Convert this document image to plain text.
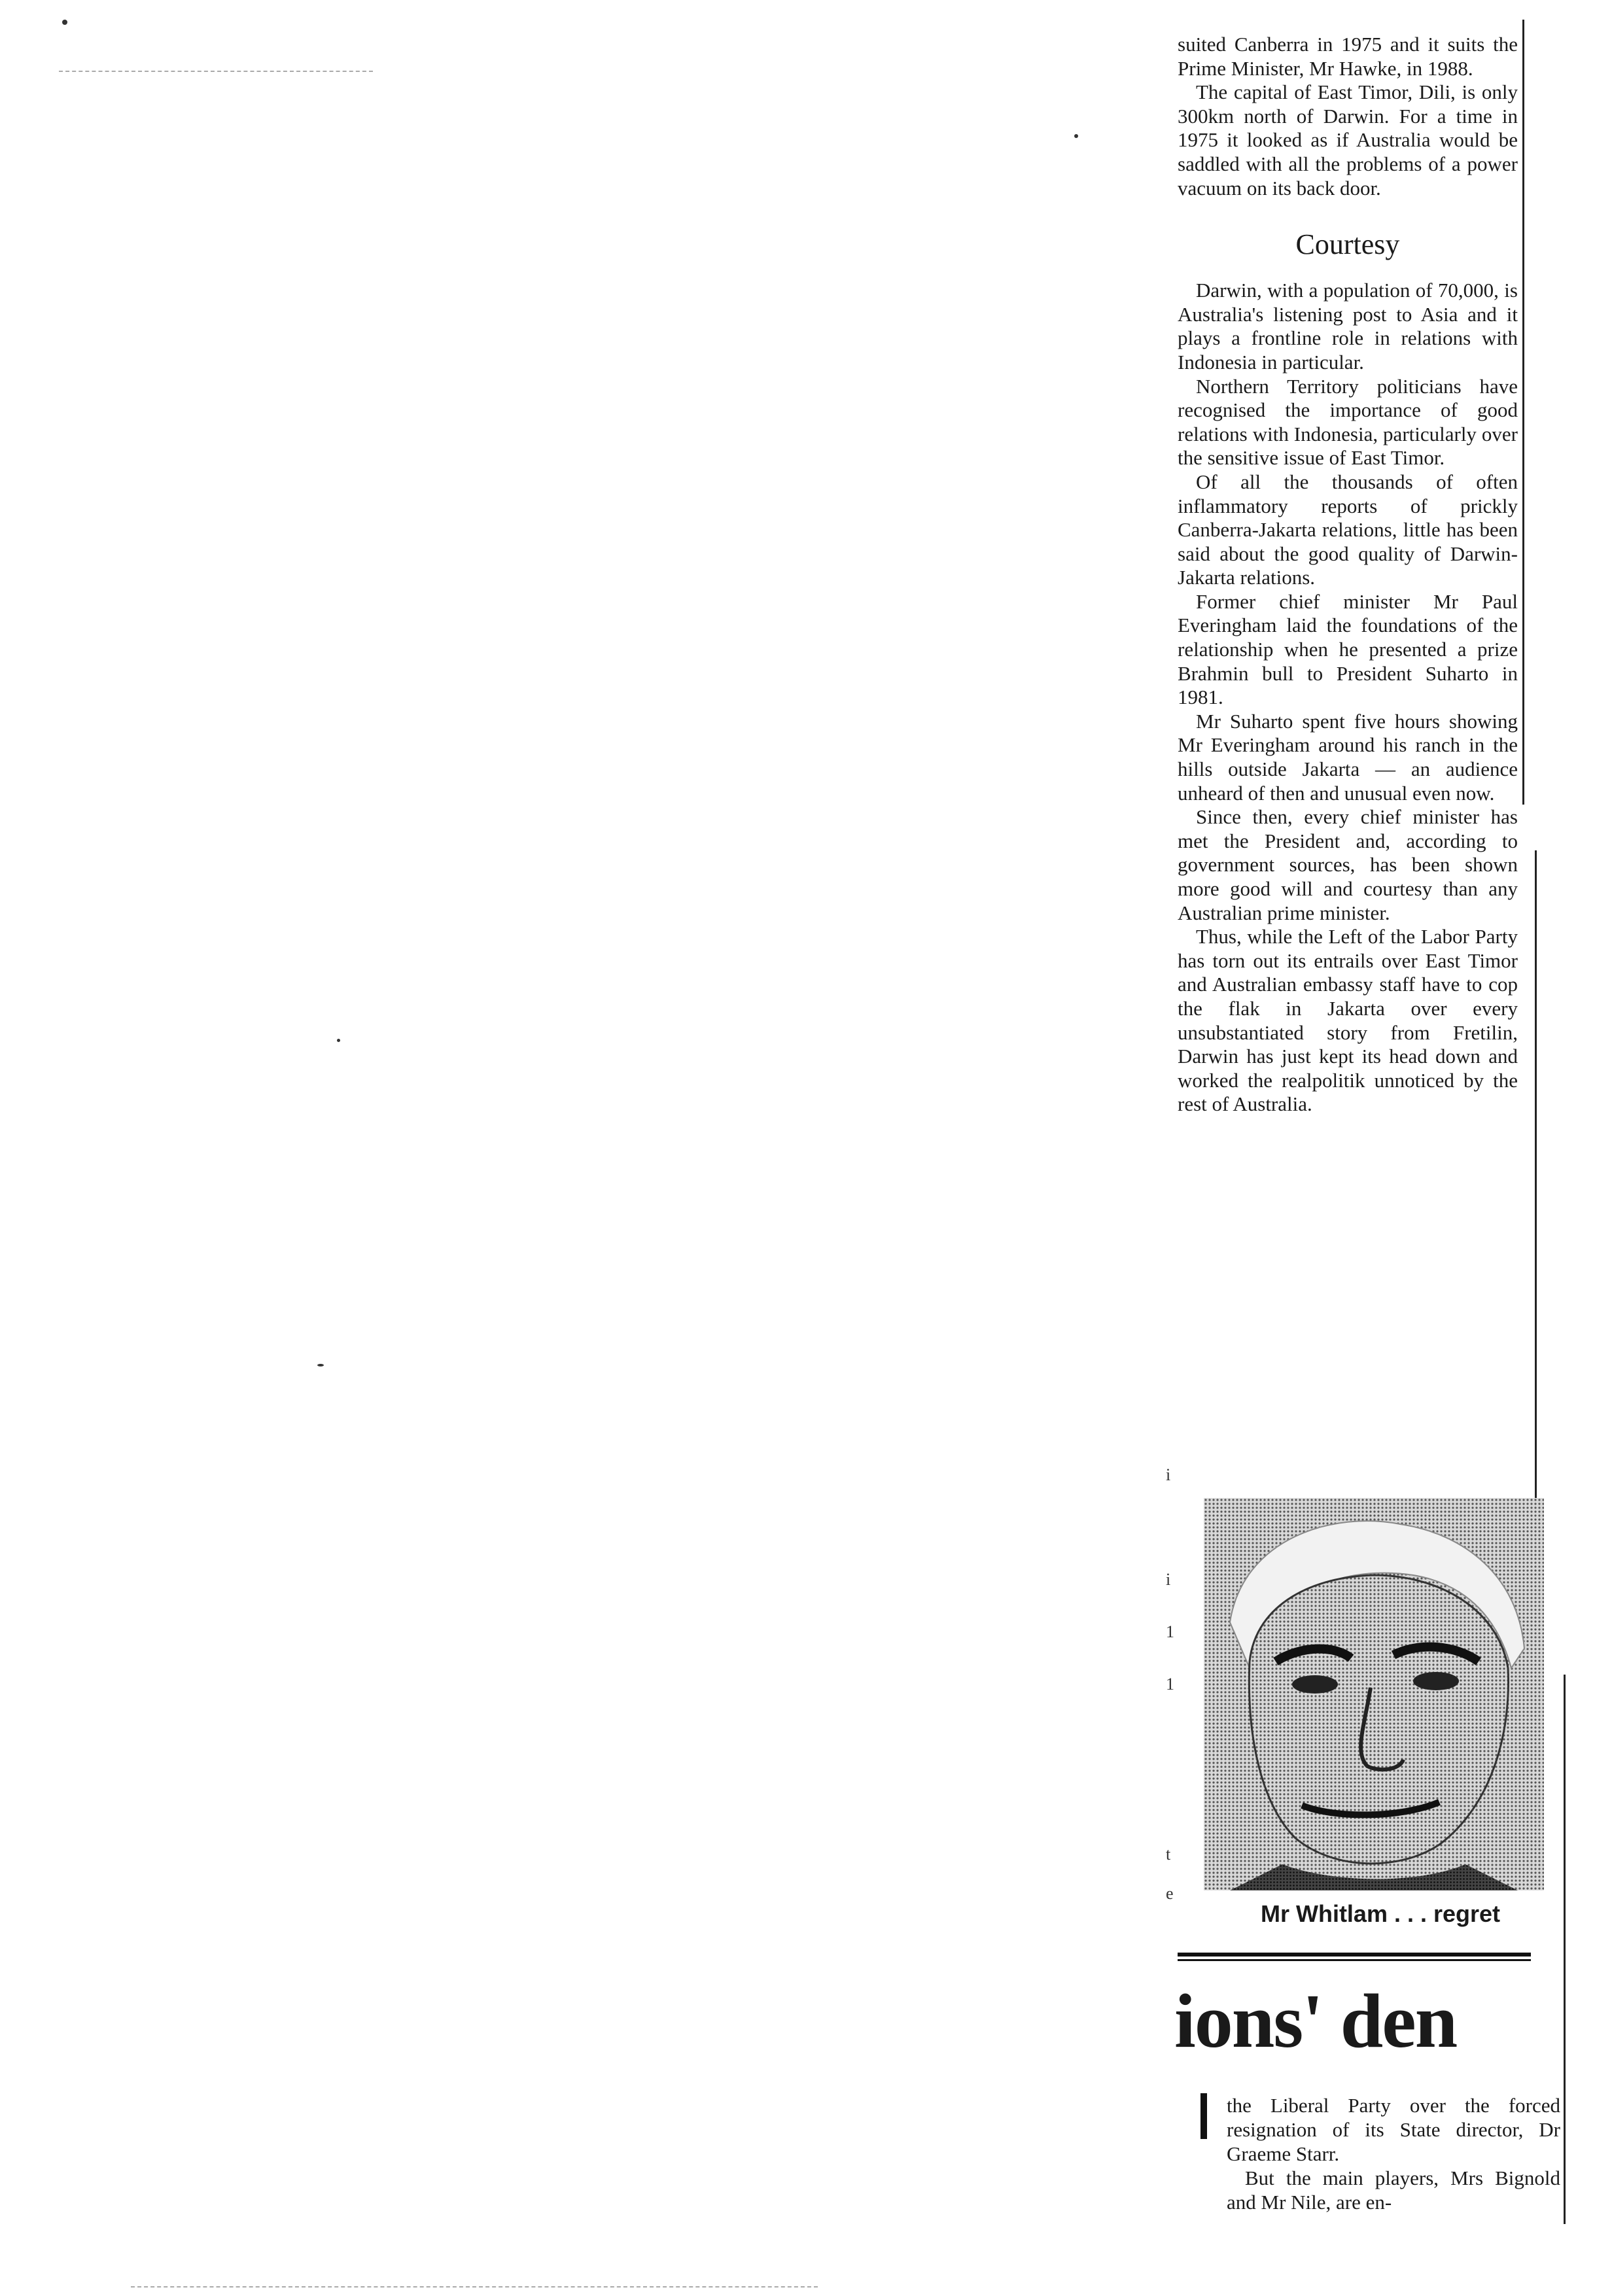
suited Canberra in 1975 and it suits the Prime Minister, Mr Hawke, in 1988.

The capital of East Timor, Dili, is only 300km north of Darwin. For a time in 1975 it looked as if Australia would be saddled with all the problems of a power vacuum on its back door.

Courtesy

Darwin, with a population of 70,000, is Australia's listening post to Asia and it plays a frontline role in relations with Indonesia in particular.

Northern Territory politicians have recognised the importance of good relations with Indonesia, particularly over the sensitive issue of East Timor.

Of all the thousands of often inflammatory reports of prickly Canberra-Jakarta relations, little has been said about the good quality of Darwin-Jakarta relations.

Former chief minister Mr Paul Everingham laid the foundations of the relationship when he presented a prize Brahmin bull to President Suharto in 1981.

Mr Suharto spent five hours showing Mr Everingham around his ranch in the hills outside Jakarta — an audience unheard of then and unusual even now.

Since then, every chief minister has met the President and, according to government sources, has been shown more good will and courtesy than any Australian prime minister.

Thus, while the Left of the Labor Party has torn out its entrails over East Timor and Australian embassy staff have to cop the flak in Jakarta over every unsubstantiated story from Fretilin, Darwin has just kept its head down and worked the realpolitik unnoticed by the rest of Australia.

i
i
1
1
t
e
Mr Whitlam . . . regret
ions' den

the Liberal Party over the forced resignation of its State director, Dr Graeme Starr.

But the main players, Mrs Bignold and Mr Nile, are en-
